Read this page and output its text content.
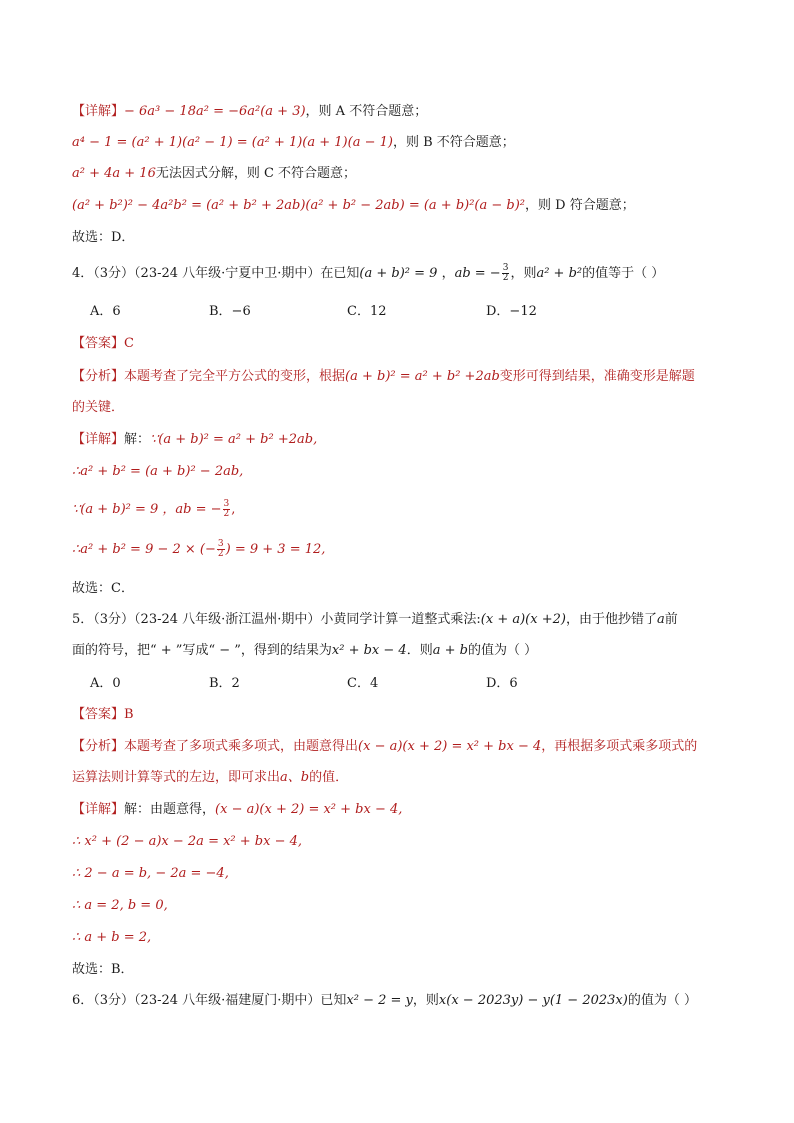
【详解】− 6a³ − 18a² = −6a²(a + 3)，则 A 不符合题意；
a⁴ − 1 = (a² + 1)(a² − 1) = (a² + 1)(a + 1)(a − 1)，则 B 不符合题意；
a² + 4a + 16无法因式分解，则 C 不符合题意；
(a² + b²)² − 4a²b² = (a² + b² + 2ab)(a² + b² − 2ab) = (a + b)²(a − b)²，则 D 符合题意；
故选：D．
4．（3分）（23-24 八年级·宁夏中卫·期中）在已知(a + b)² = 9 ，ab = − $\frac{3}{2}$ ，则a² + b²的值等于（ ）
A．6	B．−6	C．12	D．−12
【答案】C
【分析】本题考查了完全平方公式的变形，根据(a + b)² = a² + b² +2ab变形可得到结果，准确变形是解题
的关键．
【详解】解：∵(a + b)² = a² + b² +2ab,
∴a² + b² = (a + b)² − 2ab,
∵(a + b)² = 9 ，ab = − $\frac{3}{2}$ ,
∴a² + b² = 9 − 2 × (− $\frac{3}{2}$ ) = 9 + 3 = 12,
故选：C．
5．（3分）（23-24 八年级·浙江温州·期中）小黄同学计算一道整式乘法:(x + a)(x +2)，由于他抄错了a前
面的符号，把“ + ”写成“ − ”，得到的结果为x² + bx − 4．则a + b的值为（ ）
A．0	B．2	C．4	D．6
【答案】B
【分析】本题考查了多项式乘多项式，由题意得出(x − a)(x + 2) = x² + bx − 4，再根据多项式乘多项式的
运算法则计算等式的左边，即可求出a、b的值．
【详解】解：由题意得，(x − a)(x + 2) = x² + bx − 4,
∴ x² + (2 − a)x − 2a = x² + bx − 4,
∴ 2 − a = b, − 2a = −4,
∴ a = 2, b = 0,
∴ a + b = 2,
故选：B．
6．（3分）（23-24 八年级·福建厦门·期中）已知x² − 2 = y，则x(x − 2023y) − y(1 − 2023x)的值为（ ）
